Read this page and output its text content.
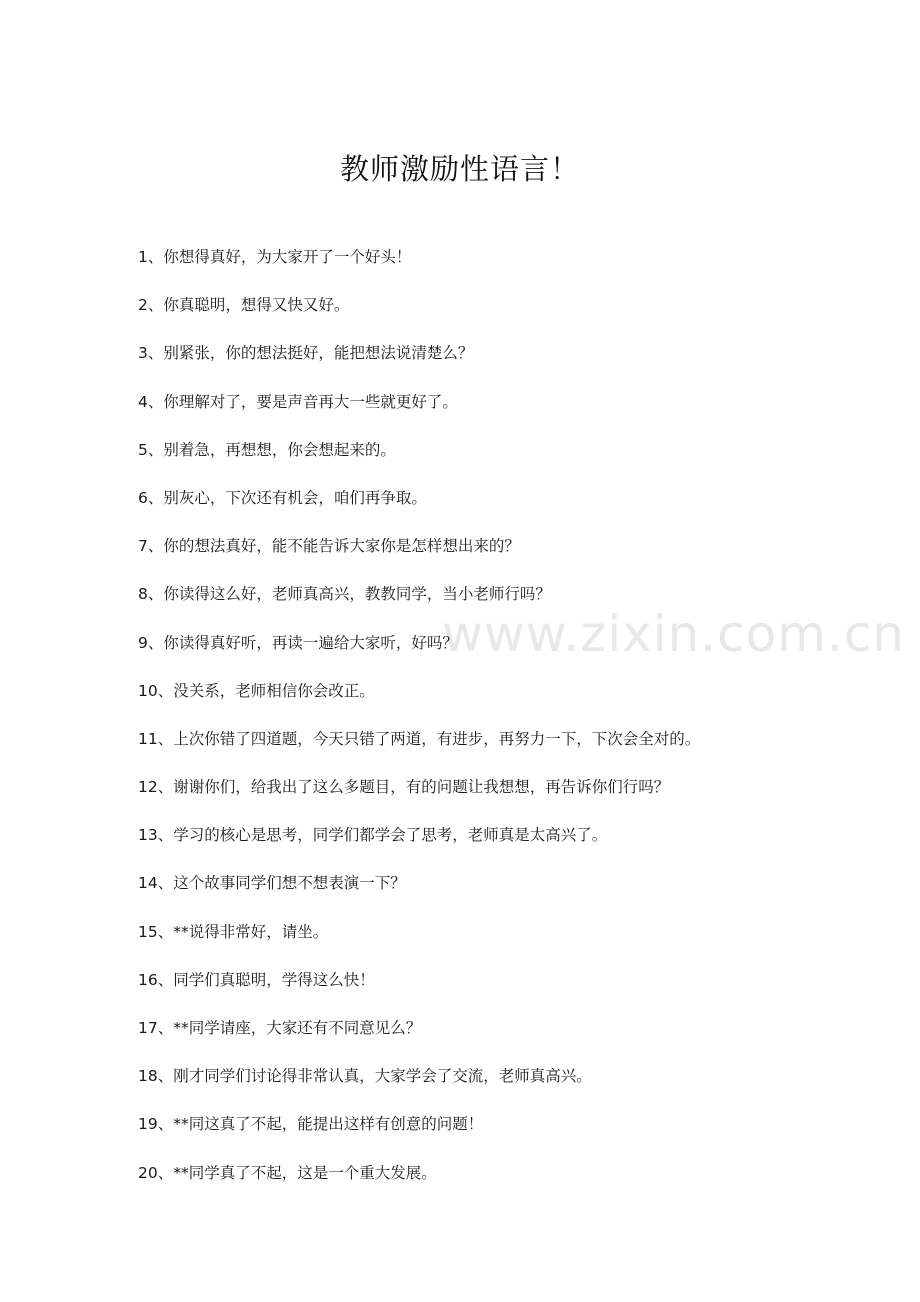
教师激励性语言！
www.zixin.com.cn
1、你想得真好，为大家开了一个好头！
2、你真聪明，想得又快又好。
3、别紧张，你的想法挺好，能把想法说清楚么？
4、你理解对了，要是声音再大一些就更好了。
5、别着急，再想想，你会想起来的。
6、别灰心，下次还有机会，咱们再争取。
7、你的想法真好，能不能告诉大家你是怎样想出来的？
8、你读得这么好，老师真高兴，教教同学，当小老师行吗？
9、你读得真好听，再读一遍给大家听，好吗？
10、没关系，老师相信你会改正。
11、上次你错了四道题，今天只错了两道，有进步，再努力一下，下次会全对的。
12、谢谢你们，给我出了这么多题目，有的问题让我想想，再告诉你们行吗？
13、学习的核心是思考，同学们都学会了思考，老师真是太高兴了。
14、这个故事同学们想不想表演一下？
15、**说得非常好，请坐。
16、同学们真聪明，学得这么快！
17、**同学请座，大家还有不同意见么？
18、刚才同学们讨论得非常认真，大家学会了交流，老师真高兴。
19、**同这真了不起，能提出这样有创意的问题！
20、**同学真了不起，这是一个重大发展。
